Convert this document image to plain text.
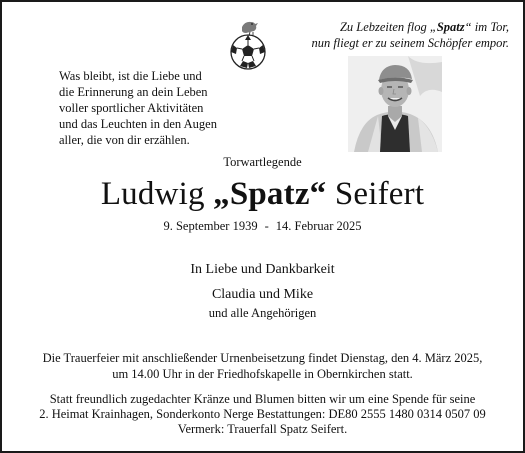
Zu Lebzeiten flog „Spatz“ im Tor,
nun fliegt er zu seinem Schöpfer empor.
Was bleibt, ist die Liebe und
die Erinnerung an dein Leben
voller sportlicher Aktivitäten
und das Leuchten in den Augen
aller, die von dir erzählen.
Torwartlegende
Ludwig „Spatz“ Seifert
9. September 1939 - 14. Februar 2025
In Liebe und Dankbarkeit
Claudia und Mike
und alle Angehörigen
Die Trauerfeier mit anschließender Urnenbeisetzung findet Dienstag, den 4. März 2025,
um 14.00 Uhr in der Friedhofskapelle in Obernkirchen statt.
Statt freundlich zugedachter Kränze und Blumen bitten wir um eine Spende für seine
2. Heimat Krainhagen, Sonderkonto Nerge Bestattungen: DE80 2555 1480 0314 0507 09
Vermerk: Trauerfall Spatz Seifert.
